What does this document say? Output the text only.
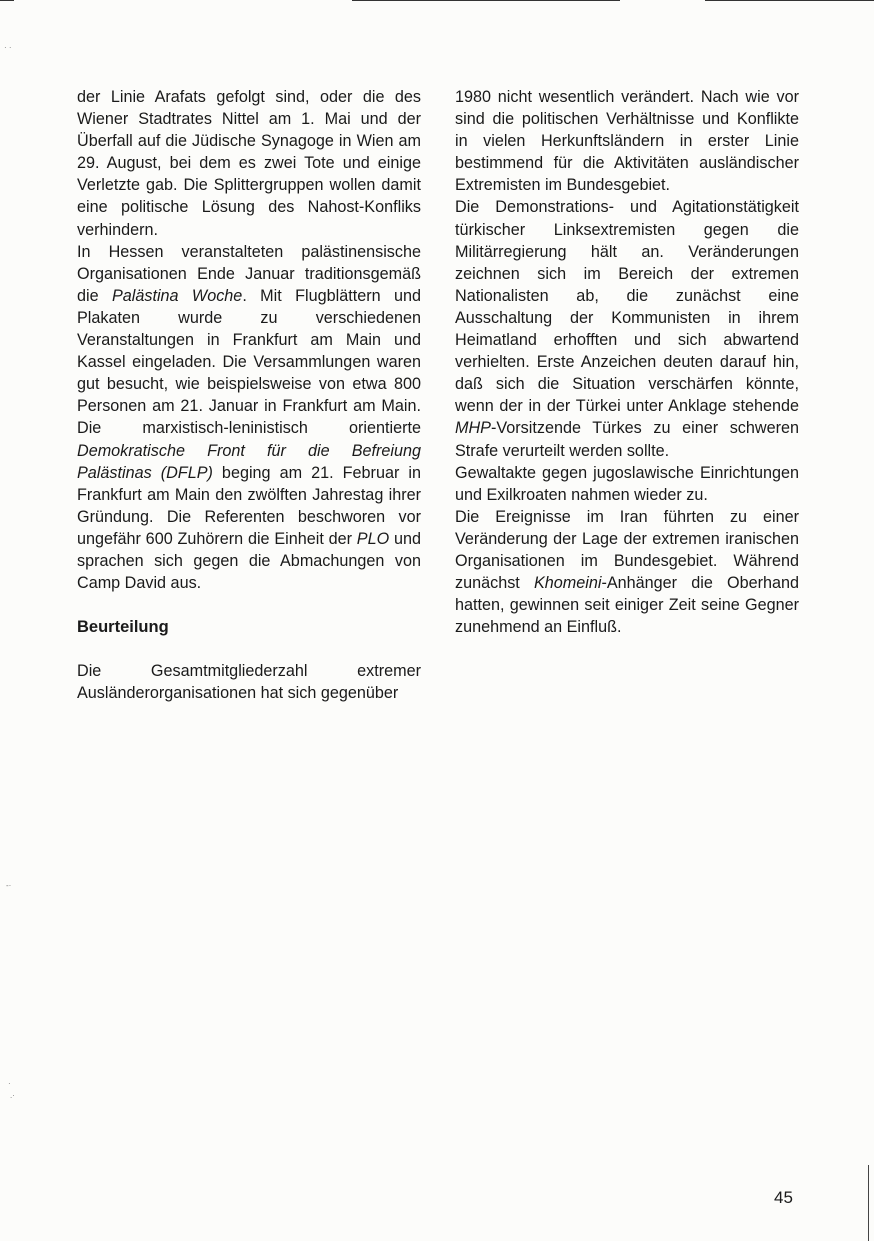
· ·
-·
·
.·

der Linie Arafats gefolgt sind, oder die des Wiener Stadtrates Nittel am 1. Mai und der Überfall auf die Jüdische Synagoge in Wien am 29. August, bei dem es zwei Tote und einige Verletzte gab. Die Splittergruppen wollen damit eine politische Lösung des Nahost-Konfliks verhindern.

In Hessen veranstalteten palästinensische Organisationen Ende Januar traditionsgemäß die Palästina Woche. Mit Flugblättern und Plakaten wurde zu verschiedenen Veranstaltungen in Frankfurt am Main und Kassel eingeladen. Die Versammlungen waren gut besucht, wie beispielsweise von etwa 800 Personen am 21. Januar in Frankfurt am Main. Die marxistisch-leninistisch orientierte Demokratische Front für die Befreiung Palästinas (DFLP) beging am 21. Februar in Frankfurt am Main den zwölften Jahrestag ihrer Gründung. Die Referenten beschworen vor ungefähr 600 Zuhörern die Einheit der PLO und sprachen sich gegen die Abmachungen von Camp David aus.

Beurteilung

Die Gesamtmitgliederzahl extremer Ausländerorganisationen hat sich gegenüber

1980 nicht wesentlich verändert. Nach wie vor sind die politischen Verhältnisse und Konflikte in vielen Herkunftsländern in erster Linie bestimmend für die Aktivitäten ausländischer Extremisten im Bundesgebiet.

Die Demonstrations- und Agitationstätigkeit türkischer Linksextremisten gegen die Militärregierung hält an. Veränderungen zeichnen sich im Bereich der extremen Nationalisten ab, die zunächst eine Ausschaltung der Kommunisten in ihrem Heimatland erhofften und sich abwartend verhielten. Erste Anzeichen deuten darauf hin, daß sich die Situation verschärfen könnte, wenn der in der Türkei unter Anklage stehende MHP-Vorsitzende Türkes zu einer schweren Strafe verurteilt werden sollte.

Gewaltakte gegen jugoslawische Einrichtungen und Exilkroaten nahmen wieder zu.

Die Ereignisse im Iran führten zu einer Veränderung der Lage der extremen iranischen Organisationen im Bundesgebiet. Während zunächst Khomeini-Anhänger die Oberhand hatten, gewinnen seit einiger Zeit seine Gegner zunehmend an Einfluß.

45
